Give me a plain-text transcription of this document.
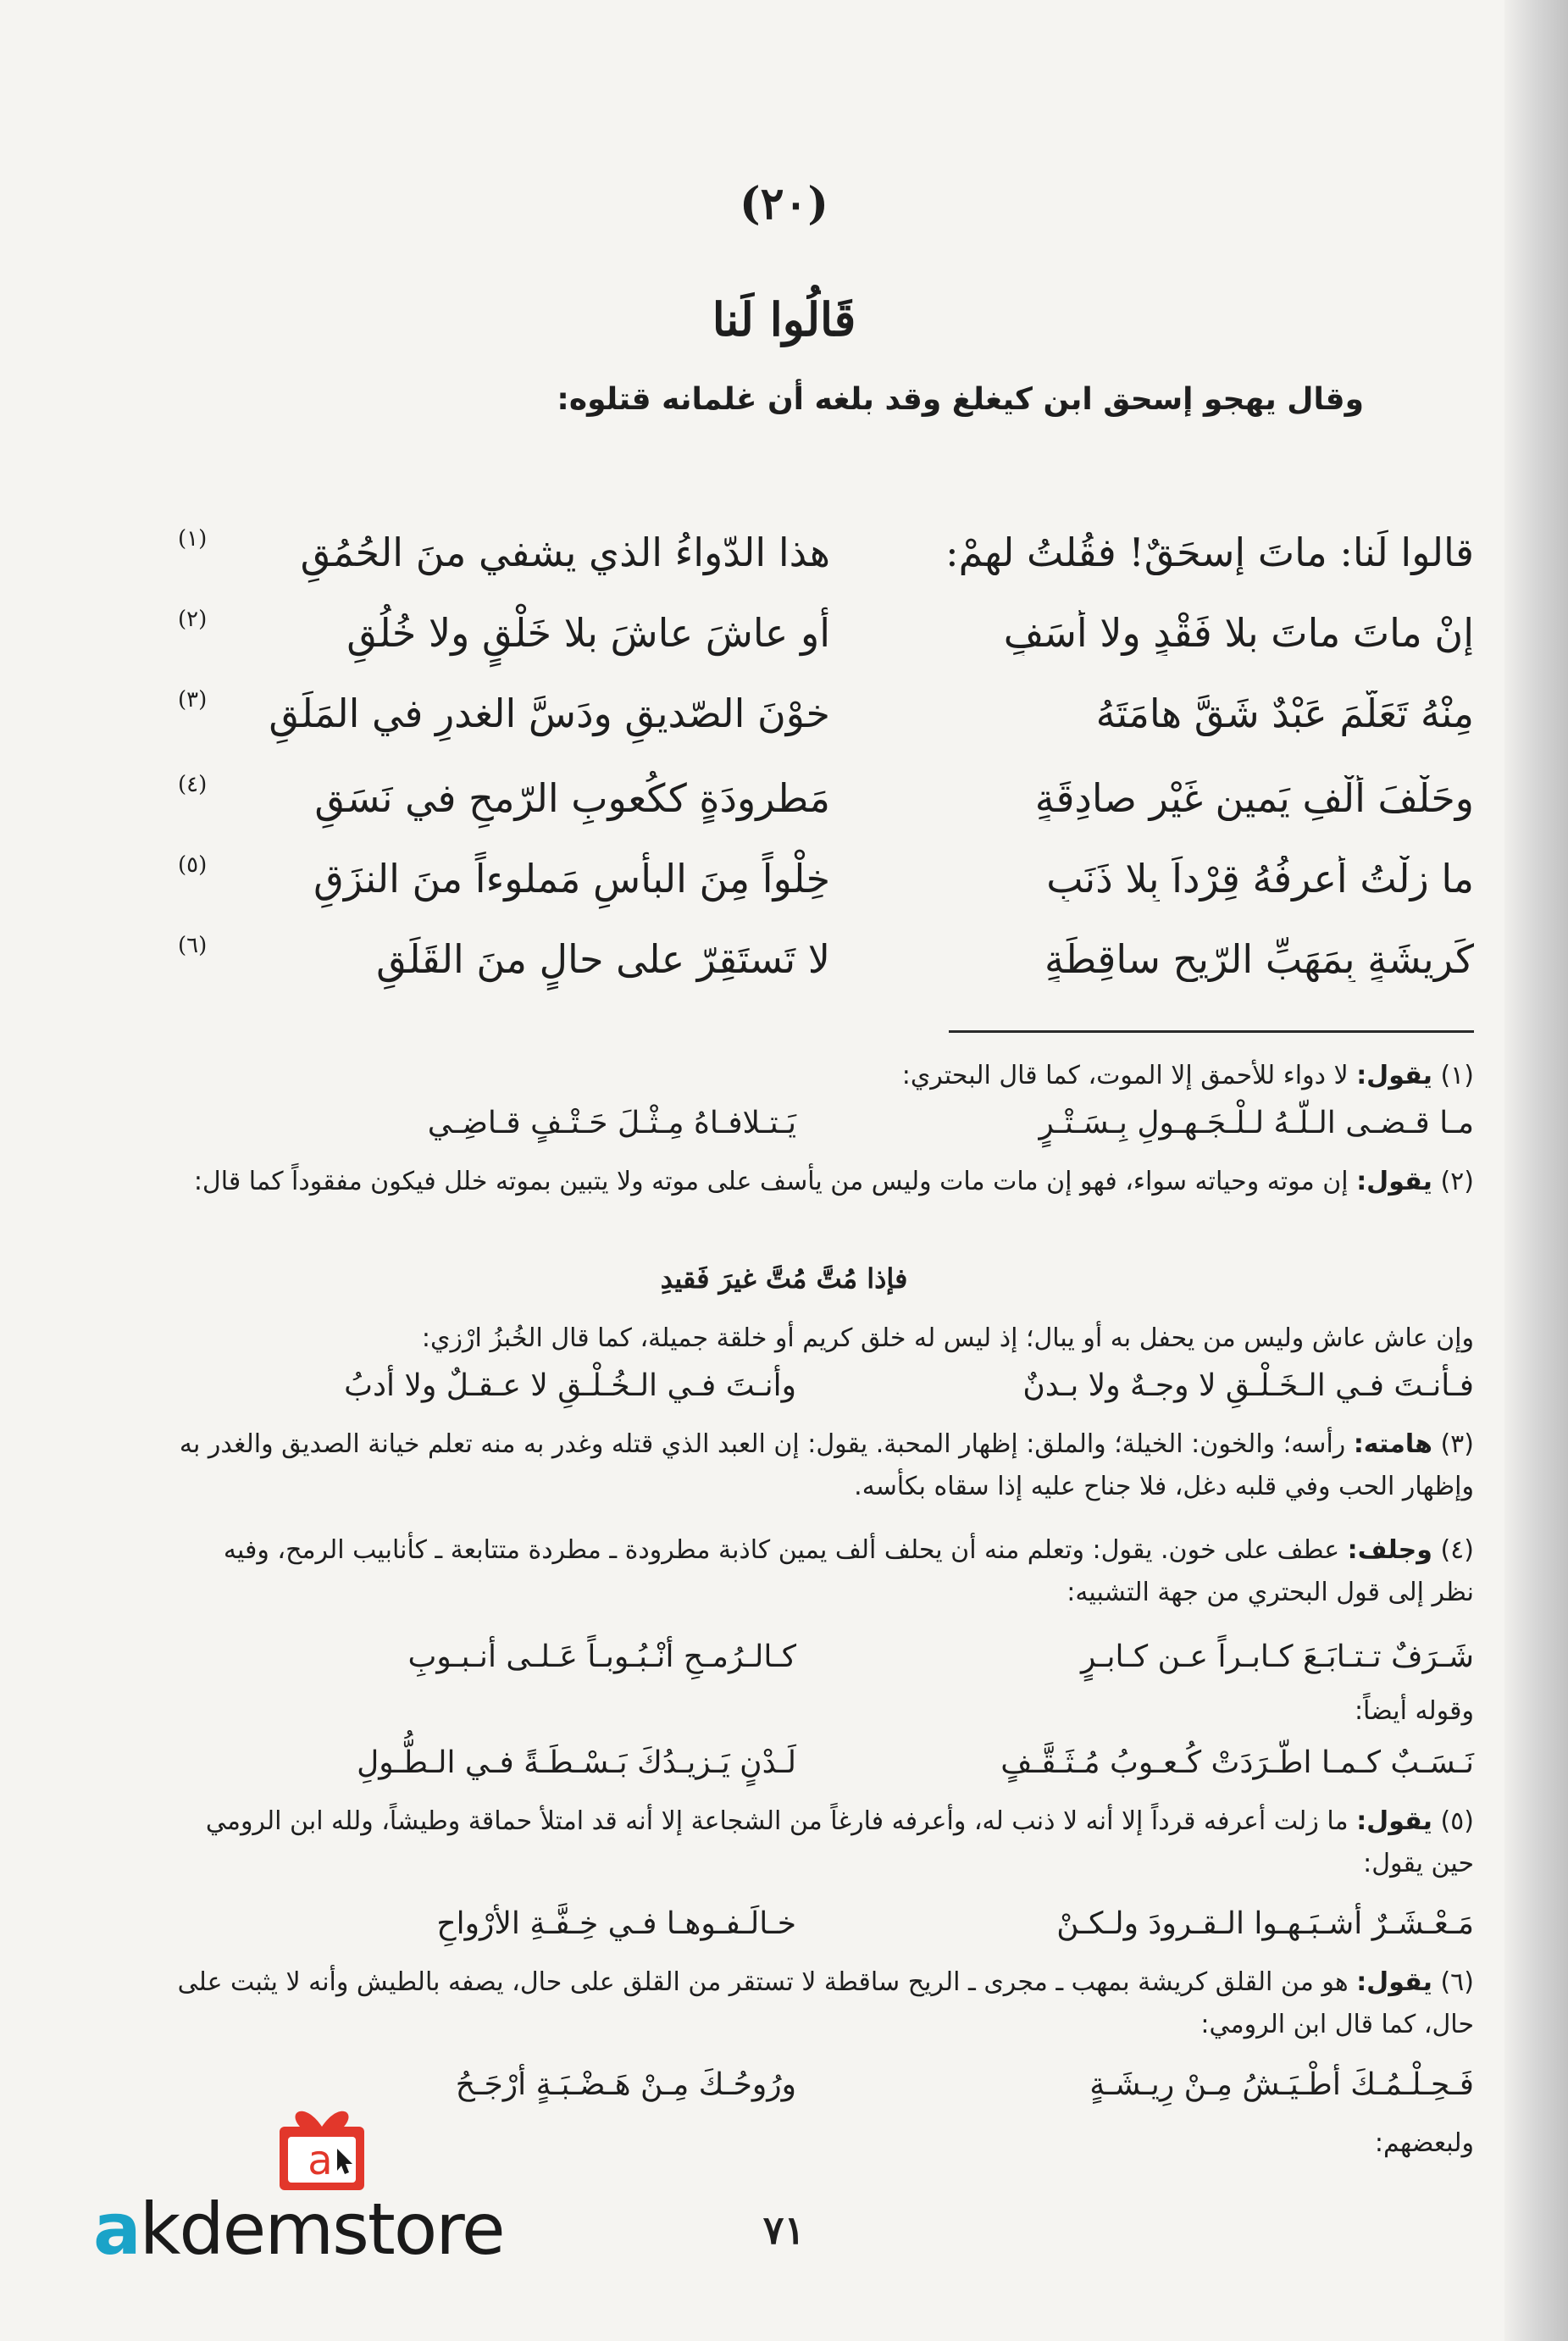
(٢٠)
قَالُوا لَنا
وقال يهجو إسحق ابن كيغلغ وقد بلغه أن غلمانه قتلوه:
قالوا لَنا: ماتَ إسحَقٌ! فقُلتُ لهمْ:
هذا الدّواءُ الذي يشفي منَ الحُمُقِ
(١)
إنْ ماتَ ماتَ بلا فَقْدٍ ولا أسَفٍ
أو عاشَ عاشَ بلا خَلْقٍ ولا خُلُقِ
(٢)
مِنْهُ تَعَلَّمَ عَبْدٌ شَقَّ هامَتَهُ
خوْنَ الصّديقِ ودَسَّ الغدرِ في المَلَقِ
(٣)
وحَلْفَ ألْفِ يَمينٍ غَيْرِ صادِقَةٍ
مَطرودَةٍ ككُعوبِ الرّمحِ في نَسَقِ
(٤)
ما زِلْتُ أعرِفُهُ قِرْداً بِلا ذَنَبٍ
خِلْواً مِنَ البأسِ مَملوءاً منَ النزَقِ
(٥)
كَرِيشَةٍ بِمَهَبِّ الرّيحِ ساقِطَةٍ
لا تَستَقِرّ على حالٍ منَ القَلَقِ
(٦)
(١) يقول: لا دواء للأحمق إلا الموت، كما قال البحتري:
مـا قـضـى الـلّـهُ لـلْـجَـهـولِ بِـسَـتْـرٍ
يَـتـلافـاهُ مِـثْـلَ حَـتْـفٍ قـاضِـي
(٢) يقول: إن موته وحياته سواء، فهو إن مات مات وليس من يأسف على موته ولا يتبين بموته خلل فيكون مفقوداً كما قال:
فإذا مُتَّ مُتَّ غيرَ فَقيدِ
وإن عاش عاش وليس من يحفل به أو يبال؛ إذ ليس له خلق كريم أو خلقة جميلة، كما قال الخُبزُ ارْزي:
فـأنـتَ فـي الـخَـلْـقِ لا وجـهٌ ولا بـدنٌ
وأنـتَ فـي الـخُـلْـقِ لا عـقـلٌ ولا أدبُ
(٣) هامته: رأسه؛ والخون: الخيلة؛ والملق: إظهار المحبة. يقول: إن العبد الذي قتله وغدر به منه تعلم خيانة الصديق والغدر به وإظهار الحب وفي قلبه دغل، فلا جناح عليه إذا سقاه بكأسه.
(٤) وجلف: عطف على خون. يقول: وتعلم منه أن يحلف ألف يمين كاذبة مطرودة ـ مطردة متتابعة ـ كأنابيب الرمح، وفيه نظر إلى قول البحتري من جهة التشبيه:
شَـرَفٌ تـتـابَـعَ كـابـراً عـن كـابـرٍ
كـالـرُمـحِ أنْـبُـوبـاً عَـلـى أنـبـوبِ
وقوله أيضاً:
نَـسَـبٌ كـمـا اطّـرَدَتْ كُـعـوبُ مُـثَـقَّـفٍ
لَـدْنٍ يَـزيـدُكَ بَـسْـطَـةً فـي الـطُّـولِ
(٥) يقول: ما زلت أعرفه قرداً إلا أنه لا ذنب له، وأعرفه فارغاً من الشجاعة إلا أنه قد امتلأ حماقة وطيشاً، ولله ابن الرومي حين يقول:
مَـعْـشَـرٌ أشـبَـهـوا الـقـرودَ ولـكـنْ
خـالَـفـوهـا فـي خِـفَّـةِ الأرْواحِ
(٦) يقول: هو من القلق كريشة بمهب ـ مجرى ـ الريح ساقطة لا تستقر من القلق على حال، يصفه بالطيش وأنه لا يثبت على حال، كما قال ابن الرومي:
فَـحِـلْـمُـكَ أطْـيَـشُ مِـنْ رِيـشَـةٍ
ورُوحُـكَ مِـنْ هَـضْـبَـةٍ أرْجَـحُ
ولبعضهم:
٧١
a
akdemstore
